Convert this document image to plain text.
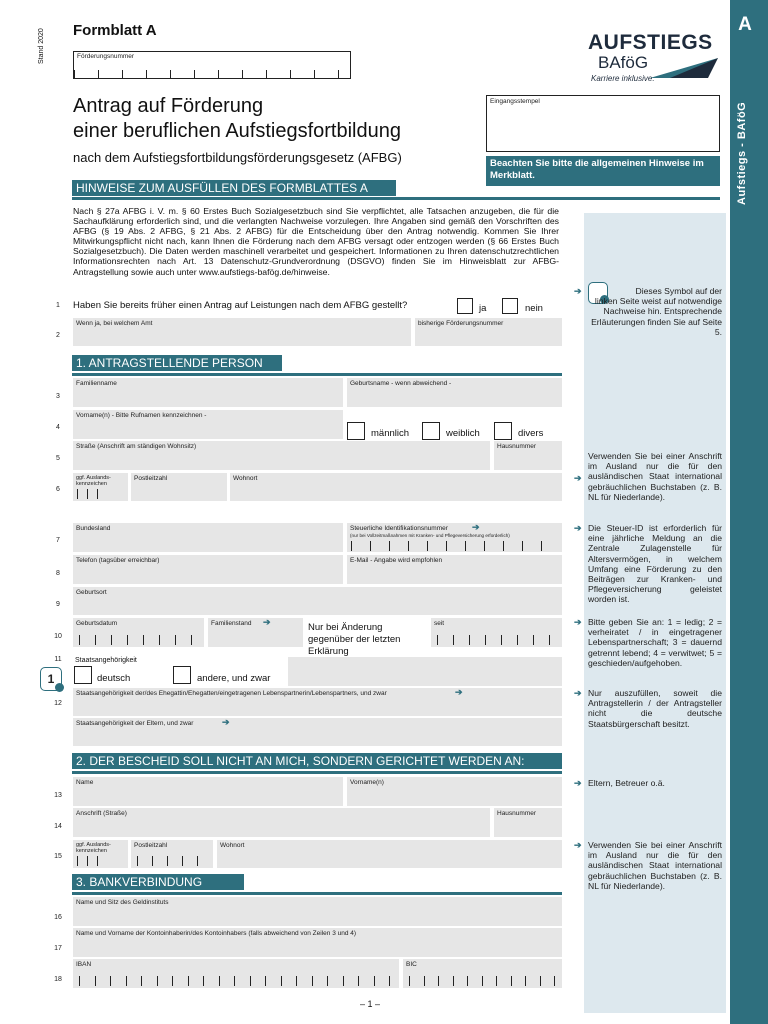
Stand 2020 Formblatt A
Förderungsnummer
AUFSTIEGS
BAföG
Karriere inklusive.
A
Aufstiegs - BAföG
Antrag auf Förderung
einer beruflichen Aufstiegsfortbildung
nach dem Aufstiegsfortbildungsförderungsgesetz (AFBG)
Eingangsstempel
Beachten Sie bitte die allgemeinen Hinweise im Merkblatt.
HINWEISE ZUM AUSFÜLLEN DES FORMBLATTES A
Nach § 27a AFBG i. V. m. § 60 Erstes Buch Sozialgesetzbuch sind Sie verpflichtet, alle Tatsachen anzugeben, die für die Sachaufklärung erforderlich sind, und die verlangten Nachweise vorzulegen. Ihre Angaben sind gemäß den Vorschriften des AFBG (§ 19 Abs. 2 AFBG, § 21 Abs. 2 AFBG) für die Entscheidung über den Antrag notwendig. Kommen Sie Ihrer Mitwirkungspflicht nicht nach, kann Ihnen die Förderung nach dem AFBG versagt oder entzogen werden (§ 66 Erstes Buch Sozialgesetzbuch). Die Daten werden maschinell verarbeitet und gespeichert. Informationen zu Ihren datenschutzrechtlichen Informationsrechten nach Art. 13 Datenschutz-Grundverordnung (DSGVO) finden Sie im Hinweisblatt zur AFBG-Antragstellung sowie auch unter www.aufstiegs-bafög.de/hinweise.
1	Haben Sie bereits früher einen Antrag auf Leistungen nach dem AFBG gestellt?	ja	nein
2
Wenn ja, bei welchem Amt	bisherige Förderungsnummer
1. ANTRAGSTELLENDE PERSON
3
Familienname	Geburtsname - wenn abweichend -
4
Vorname(n) - Bitte Rufnamen kennzeichnen -
männlich	weiblich	divers
5
Straße (Anschrift am ständigen Wohnsitz)	Hausnummer
6
ggf. Auslands-kennzeichen
Postleitzahl	Wohnort
7
Bundesland	Steuerliche Identifikationsnummer
(nur bei Vollzeitmaßnahmen mit Kranken- und Pflegeversicherung erforderlich)
8
Telefon (tagsüber erreichbar)	E-Mail - Angabe wird empfohlen
9
Geburtsort
10
Geburtsdatum	Familienstand	Nur bei Änderung gegenüber der letzten Erklärung
seit
11
1
Staatsangehörigkeit
deutsch	andere, und zwar
12
Staatsangehörigkeit der/des Ehegattin/Ehegatten/eingetragenen Lebenspartnerin/Lebenspartners, und zwar
Staatsangehörigkeit der Eltern, und zwar
2. DER BESCHEID SOLL NICHT AN MICH, SONDERN GERICHTET WERDEN AN:
13
Name	Vorname(n)
14
Anschrift (Straße)	Hausnummer
15
ggf. Auslands-kennzeichen
Postleitzahl	Wohnort
3. BANKVERBINDUNG
16
Name und Sitz des Geldinstituts
17
Name und Vorname der Kontoinhaberin/des Kontoinhabers (falls abweichend von Zeilen 3 und 4)
18
IBAN	BIC
– 1 –
➔	Dieses Symbol auf der linken Seite weist auf notwendige Nachweise hin. Entsprechende Erläuterungen finden Sie auf Seite 5.
➔
Verwenden Sie bei einer Anschrift im Ausland nur die für den ausländischen Staat international gebräuchlichen Buchstaben (z. B. NL für Niederlande).
➔ Die Steuer-ID ist erforderlich für eine jährliche Meldung an die Zentrale Zulagenstelle für Altersvermögen, in welchem Umfang eine Förderung zu den Beiträgen zur Kranken- und Pflegeversicherung geleistet worden ist.
➔ Bitte geben Sie an: 1 = ledig; 2 = verheiratet / in eingetragener Lebenspartnerschaft; 3 = dauernd getrennt lebend; 4 = verwitwet; 5 = geschieden/aufgehoben.
➔ Nur auszufüllen, soweit die Antragstellerin / der Antragsteller nicht die deutsche Staatsbürgerschaft besitzt.
➔ Eltern, Betreuer o.ä.
➔ Verwenden Sie bei einer Anschrift im Ausland nur die für den ausländischen Staat international gebräuchlichen Buchstaben (z. B. NL für Niederlande).
➔
➔
➔
➔
